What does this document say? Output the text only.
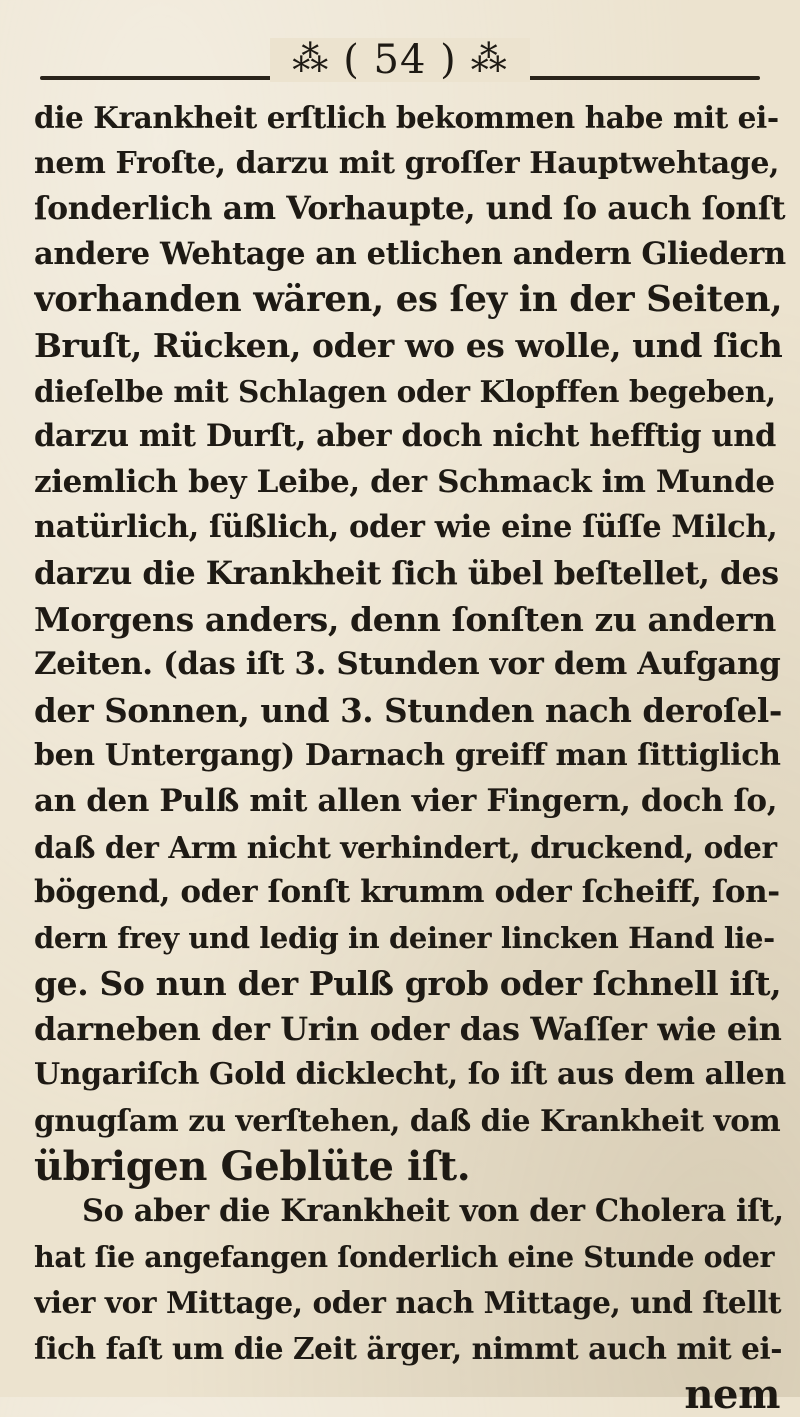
⁂ ( 54 ) ⁂
die Krankheit erſtlich bekommen habe mit ei-
nem Froſte, darzu mit groſſer Hauptwehtage,
ſonderlich am Vorhaupte, und ſo auch ſonſt
andere Wehtage an etlichen andern Gliedern
vorhanden wären, es ſey in der Seiten,
Bruſt, Rücken, oder wo es wolle, und ſich
dieſelbe mit Schlagen oder Klopffen begeben,
darzu mit Durſt, aber doch nicht hefftig und
ziemlich bey Leibe, der Schmack im Munde
natürlich, ſüßlich, oder wie eine ſüſſe Milch,
darzu die Krankheit ſich übel beſtellet, des
Morgens anders, denn ſonſten zu andern
Zeiten. (das iſt 3. Stunden vor dem Aufgang
der Sonnen, und 3. Stunden nach deroſel-
ben Untergang) Darnach greiff man ſittiglich
an den Pulß mit allen vier Fingern, doch ſo,
daß der Arm nicht verhindert, druckend, oder
bögend, oder ſonſt krumm oder ſcheiff, ſon-
dern frey und ledig in deiner lincken Hand lie-
ge. So nun der Pulß grob oder ſchnell iſt,
darneben der Urin oder das Waſſer wie ein
Ungariſch Gold dicklecht, ſo iſt aus dem allen
gnugſam zu verſtehen, daß die Krankheit vom
übrigen Geblüte iſt.
So aber die Krankheit von der Cholera iſt,
hat ſie angefangen ſonderlich eine Stunde oder
vier vor Mittage, oder nach Mittage, und ſtellt
ſich faſt um die Zeit ärger, nimmt auch mit ei-
nem
